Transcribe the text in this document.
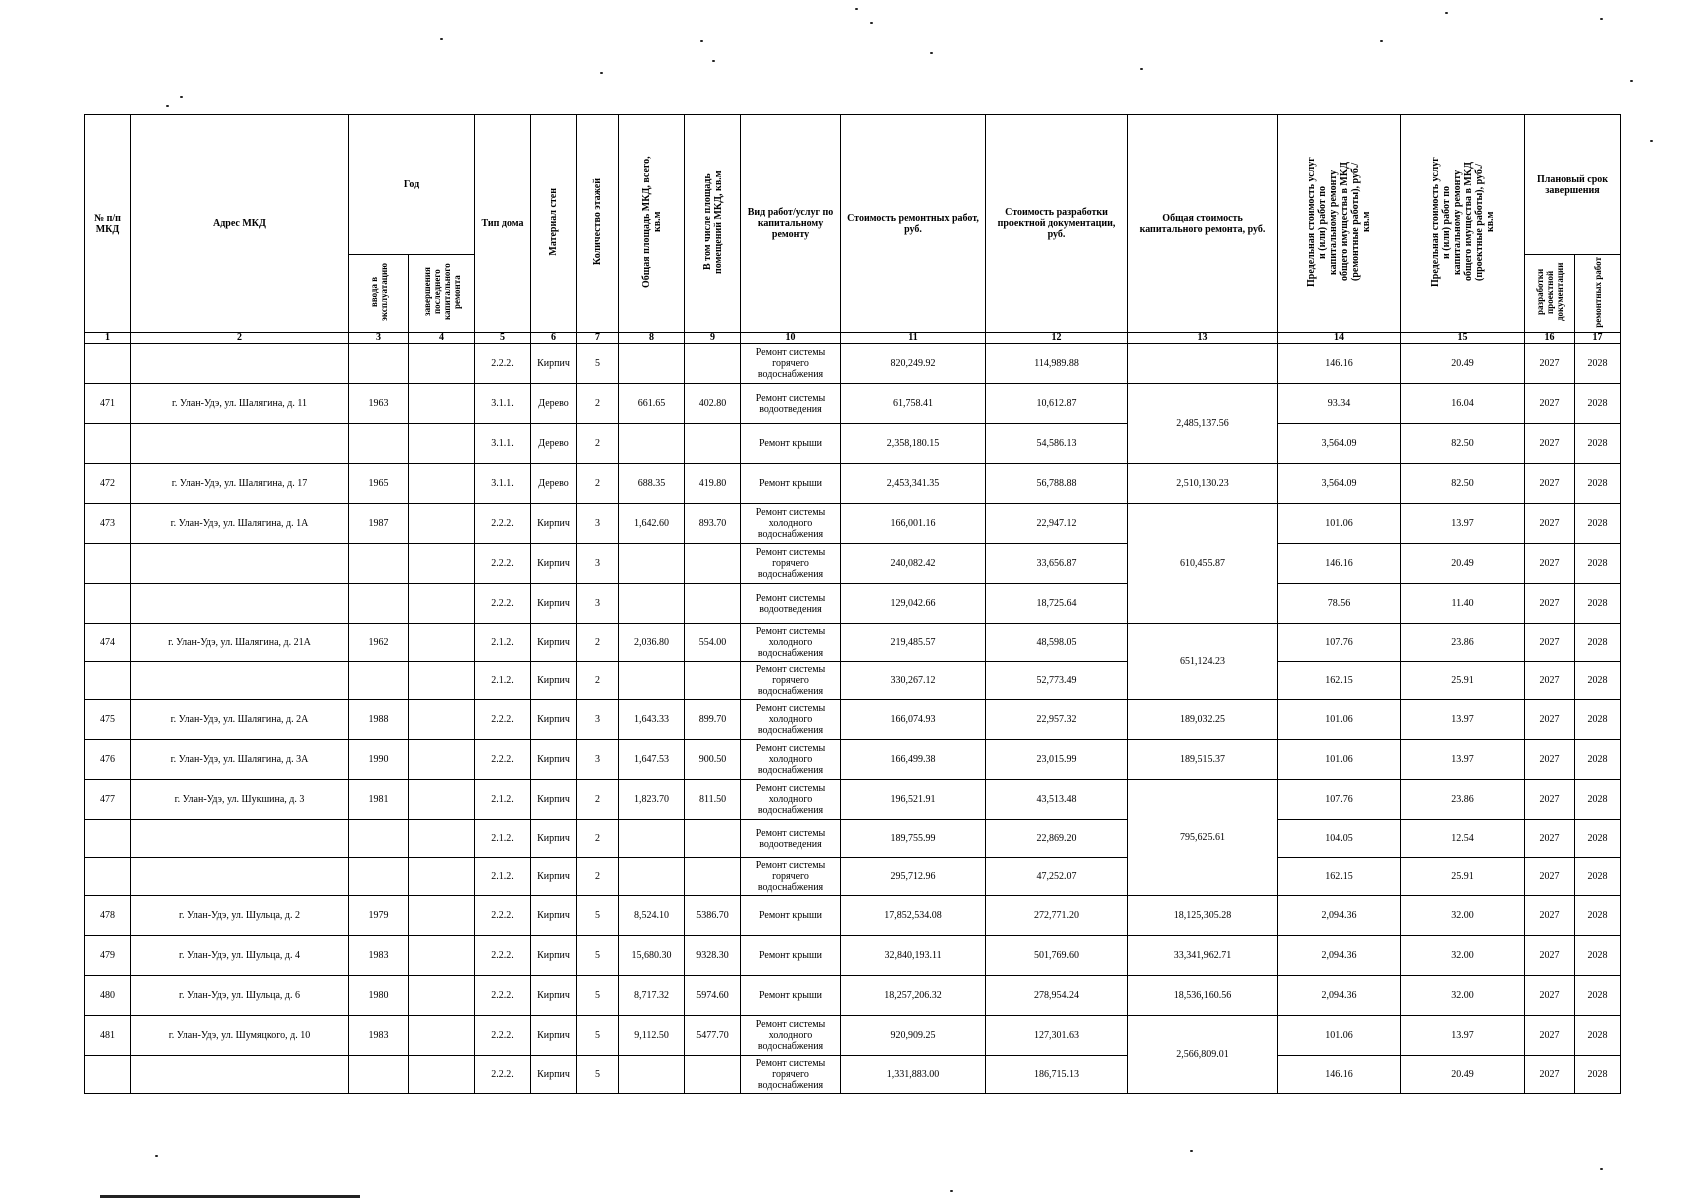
№ п/п МКД	Адрес МКД	Год		Тип дома	Материал стен	Количество этажей	Общая площадь МКД, всего, кв.м	В том числе площадь помещений МКД, кв.м	Вид работ/услуг по капитальному ремонту	Стоимость ремонтных работ, руб.	Стоимость разработки проектной документации, руб.	Общая стоимость капитального ремонта, руб.	Предельная стоимость услуг и (или) работ по капитальному ремонту общего имущества в МКД (ремонтные работы), руб./кв.м	Предельная стоимость услуг и (или) работ по капитальному ремонту общего имущества в МКД (проектные работы), руб./кв.м	Плановый срок завершения	
		ввода в эксплуатацию	завершения последнего капитального ремонта												разработки проектной документации	ремонтных работ
1	2	3	4	5	6	7	8	9	10	11	12	13	14	15	16	17
				2.2.2.	Кирпич	5			Ремонт системы горячего водоснабжения	820,249.92	114,989.88		146.16	20.49	2027	2028
471	г. Улан-Удэ, ул. Шалягина, д. 11	1963		3.1.1.	Дерево	2	661.65	402.80	Ремонт системы водоотведения	61,758.41	10,612.87	2,485,137.56	93.34	16.04	2027	2028
				3.1.1.	Дерево	2			Ремонт крыши	2,358,180.15	54,586.13		3,564.09	82.50	2027	2028
472	г. Улан-Удэ, ул. Шалягина, д. 17	1965		3.1.1.	Дерево	2	688.35	419.80	Ремонт крыши	2,453,341.35	56,788.88	2,510,130.23	3,564.09	82.50	2027	2028
473	г. Улан-Удэ, ул. Шалягина, д. 1А	1987		2.2.2.	Кирпич	3	1,642.60	893.70	Ремонт системы холодного водоснабжения	166,001.16	22,947.12	610,455.87	101.06	13.97	2027	2028
				2.2.2.	Кирпич	3			Ремонт системы горячего водоснабжения	240,082.42	33,656.87		146.16	20.49	2027	2028
				2.2.2.	Кирпич	3			Ремонт системы водоотведения	129,042.66	18,725.64		78.56	11.40	2027	2028
474	г. Улан-Удэ, ул. Шалягина, д. 21А	1962		2.1.2.	Кирпич	2	2,036.80	554.00	Ремонт системы холодного водоснабжения	219,485.57	48,598.05	651,124.23	107.76	23.86	2027	2028
				2.1.2.	Кирпич	2			Ремонт системы горячего водоснабжения	330,267.12	52,773.49		162.15	25.91	2027	2028
475	г. Улан-Удэ, ул. Шалягина, д. 2А	1988		2.2.2.	Кирпич	3	1,643.33	899.70	Ремонт системы холодного водоснабжения	166,074.93	22,957.32	189,032.25	101.06	13.97	2027	2028
476	г. Улан-Удэ, ул. Шалягина, д. 3А	1990		2.2.2.	Кирпич	3	1,647.53	900.50	Ремонт системы холодного водоснабжения	166,499.38	23,015.99	189,515.37	101.06	13.97	2027	2028
477	г. Улан-Удэ, ул. Шукшина, д. 3	1981		2.1.2.	Кирпич	2	1,823.70	811.50	Ремонт системы холодного водоснабжения	196,521.91	43,513.48	795,625.61	107.76	23.86	2027	2028
				2.1.2.	Кирпич	2			Ремонт системы водоотведения	189,755.99	22,869.20		104.05	12.54	2027	2028
				2.1.2.	Кирпич	2			Ремонт системы горячего водоснабжения	295,712.96	47,252.07		162.15	25.91	2027	2028
478	г. Улан-Удэ, ул. Шульца, д. 2	1979		2.2.2.	Кирпич	5	8,524.10	5386.70	Ремонт крыши	17,852,534.08	272,771.20	18,125,305.28	2,094.36	32.00	2027	2028
479	г. Улан-Удэ, ул. Шульца, д. 4	1983		2.2.2.	Кирпич	5	15,680.30	9328.30	Ремонт крыши	32,840,193.11	501,769.60	33,341,962.71	2,094.36	32.00	2027	2028
480	г. Улан-Удэ, ул. Шульца, д. 6	1980		2.2.2.	Кирпич	5	8,717.32	5974.60	Ремонт крыши	18,257,206.32	278,954.24	18,536,160.56	2,094.36	32.00	2027	2028
481	г. Улан-Удэ, ул. Шумяцкого, д. 10	1983		2.2.2.	Кирпич	5	9,112.50	5477.70	Ремонт системы холодного водоснабжения	920,909.25	127,301.63	2,566,809.01	101.06	13.97	2027	2028
				2.2.2.	Кирпич	5			Ремонт системы горячего водоснабжения	1,331,883.00	186,715.13		146.16	20.49	2027	2028
